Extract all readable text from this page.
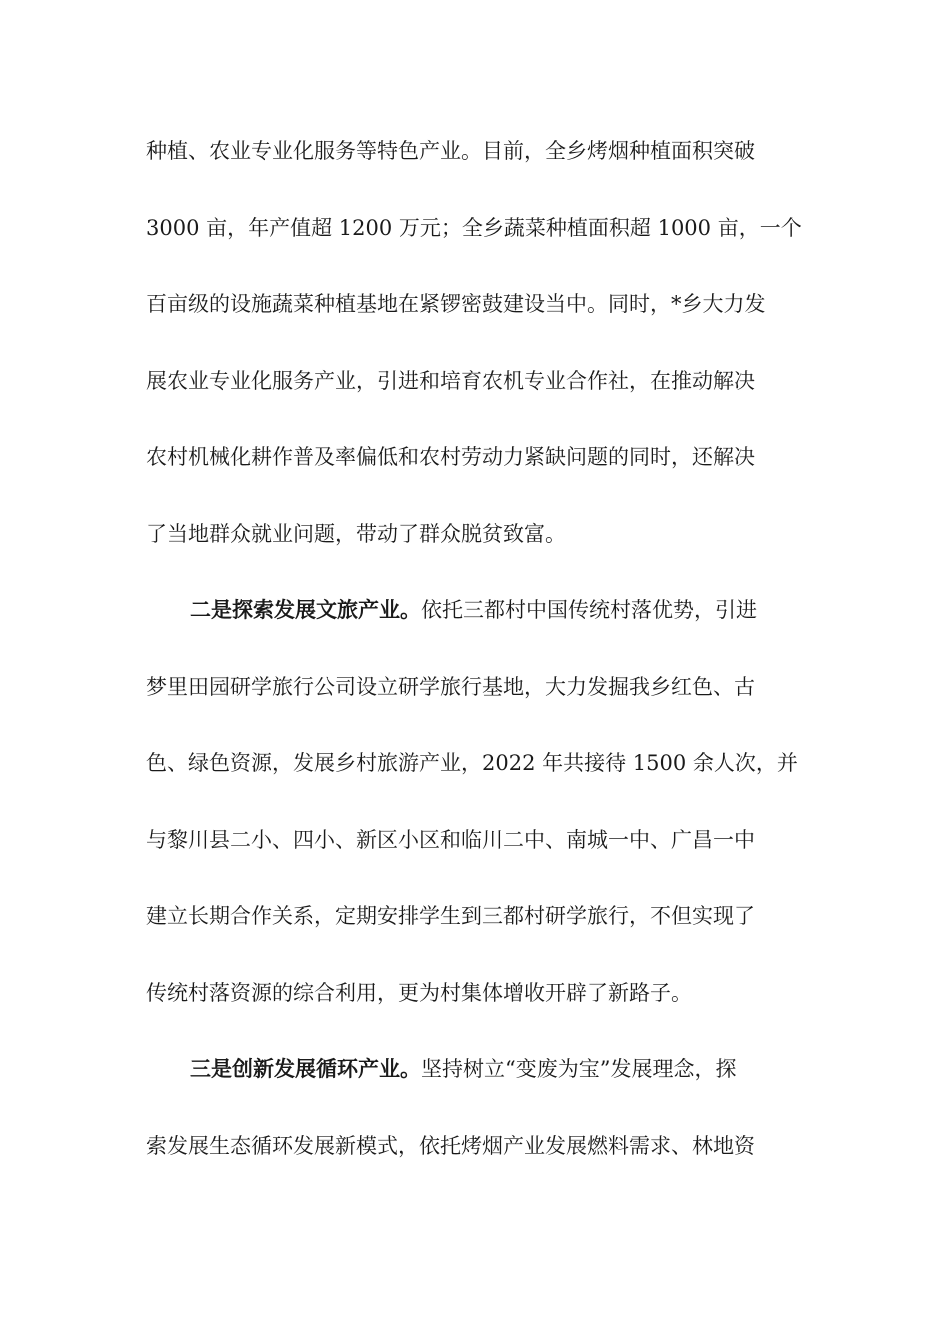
种植、农业专业化服务等特色产业。目前，全乡烤烟种植面积突破
3000 亩，年产值超 1200 万元；全乡蔬菜种植面积超 1000 亩，一个
百亩级的设施蔬菜种植基地在紧锣密鼓建设当中。同时，*乡大力发
展农业专业化服务产业，引进和培育农机专业合作社，在推动解决
农村机械化耕作普及率偏低和农村劳动力紧缺问题的同时，还解决
了当地群众就业问题，带动了群众脱贫致富。
二是探索发展文旅产业。依托三都村中国传统村落优势，引进
梦里田园研学旅行公司设立研学旅行基地，大力发掘我乡红色、古
色、绿色资源，发展乡村旅游产业，2022 年共接待 1500 余人次，并
与黎川县二小、四小、新区小区和临川二中、南城一中、广昌一中
建立长期合作关系，定期安排学生到三都村研学旅行，不但实现了
传统村落资源的综合利用，更为村集体增收开辟了新路子。
三是创新发展循环产业。坚持树立“变废为宝”发展理念，探
索发展生态循环发展新模式，依托烤烟产业发展燃料需求、林地资
